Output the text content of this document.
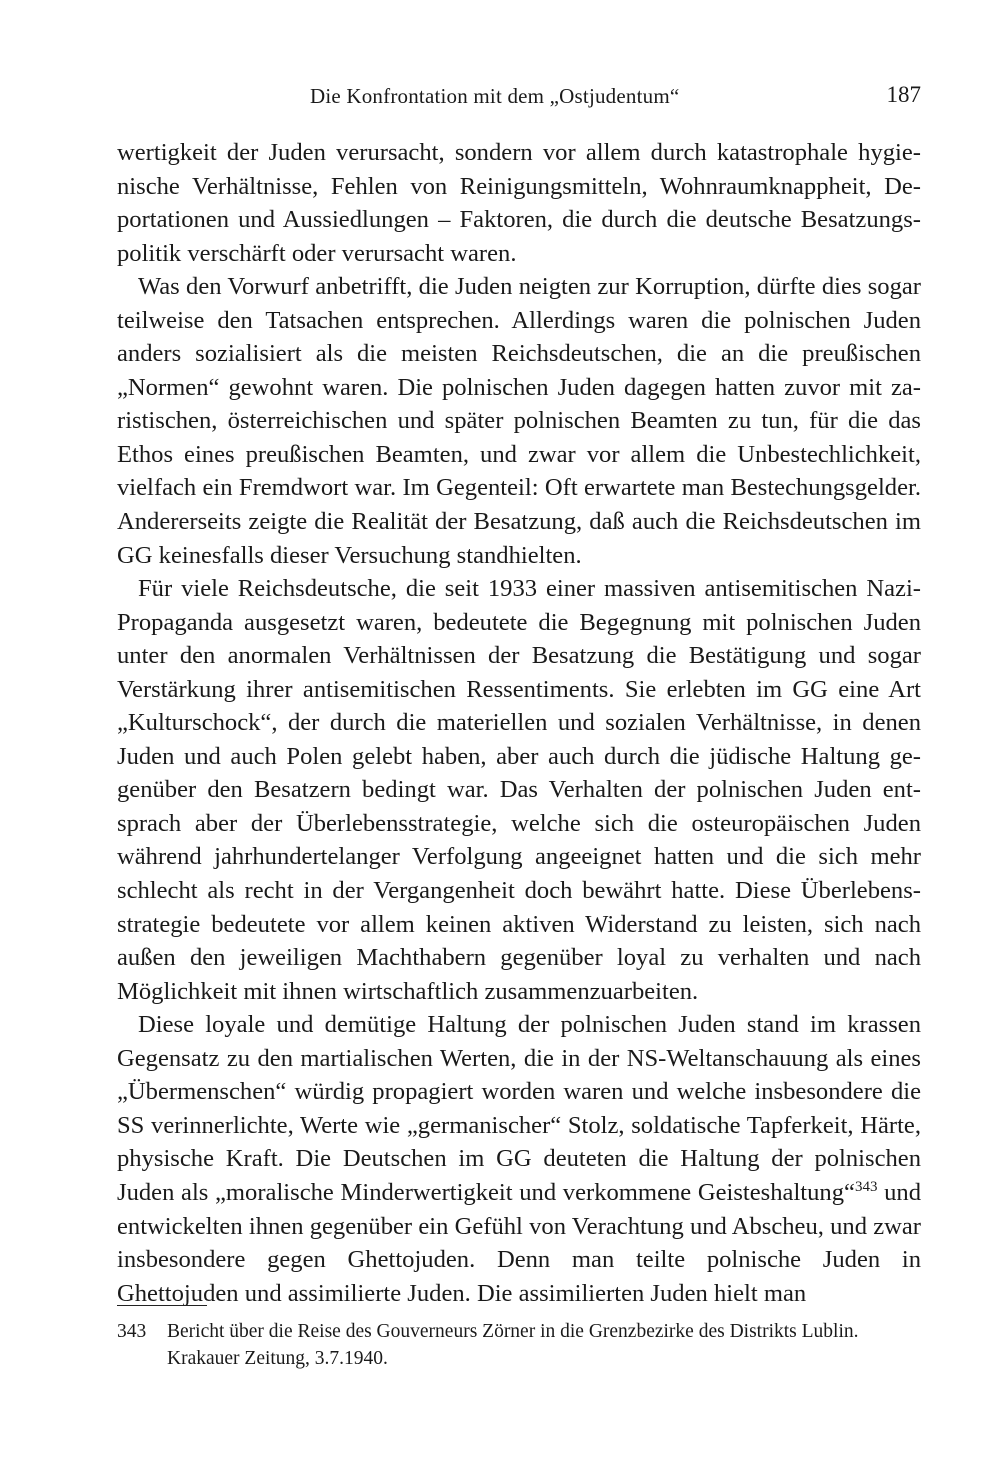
Die Konfrontation mit dem „Ostjudentum“	187

wertigkeit der Juden verursacht, sondern vor allem durch katastrophale hygienische Verhältnisse, Fehlen von Reinigungsmitteln, Wohnraumknappheit, Deportationen und Aussiedlungen – Faktoren, die durch die deutsche Besatzungspolitik verschärft oder verursacht waren.

Was den Vorwurf anbetrifft, die Juden neigten zur Korruption, dürfte dies sogar teilweise den Tatsachen entsprechen. Allerdings waren die polnischen Juden anders sozialisiert als die meisten Reichsdeutschen, die an die preußischen „Normen“ gewohnt waren. Die polnischen Juden dagegen hatten zuvor mit zaristischen, österreichischen und später polnischen Beamten zu tun, für die das Ethos eines preußischen Beamten, und zwar vor allem die Unbestechlichkeit, vielfach ein Fremdwort war. Im Gegenteil: Oft erwartete man Bestechungsgelder. Andererseits zeigte die Realität der Besatzung, daß auch die Reichsdeutschen im GG keinesfalls dieser Versuchung standhielten.

Für viele Reichsdeutsche, die seit 1933 einer massiven antisemitischen Nazi-Propaganda ausgesetzt waren, bedeutete die Begegnung mit polnischen Juden unter den anormalen Verhältnissen der Besatzung die Bestätigung und sogar Verstärkung ihrer antisemitischen Ressentiments. Sie erlebten im GG eine Art „Kulturschock“, der durch die materiellen und sozialen Verhältnisse, in denen Juden und auch Polen gelebt haben, aber auch durch die jüdische Haltung gegenüber den Besatzern bedingt war. Das Verhalten der polnischen Juden entsprach aber der Überlebensstrategie, welche sich die osteuropäischen Juden während jahrhundertelanger Verfolgung angeeignet hatten und die sich mehr schlecht als recht in der Vergangenheit doch bewährt hatte. Diese Überlebensstrategie bedeutete vor allem keinen aktiven Widerstand zu leisten, sich nach außen den jeweiligen Machthabern gegenüber loyal zu verhalten und nach Möglichkeit mit ihnen wirtschaftlich zusammenzuarbeiten.

Diese loyale und demütige Haltung der polnischen Juden stand im krassen Gegensatz zu den martialischen Werten, die in der NS-Weltanschauung als eines „Übermenschen“ würdig propagiert worden waren und welche insbesondere die SS verinnerlichte, Werte wie „germanischer“ Stolz, soldatische Tapferkeit, Härte, physische Kraft. Die Deutschen im GG deuteten die Haltung der polnischen Juden als „moralische Minderwertigkeit und verkommene Geisteshaltung“$^{343}$ und entwickelten ihnen gegenüber ein Gefühl von Verachtung und Abscheu, und zwar insbesondere gegen Ghettojuden. Denn man teilte polnische Juden in Ghettojuden und assimilierte Juden. Die assimilierten Juden hielt man

343 Bericht über die Reise des Gouverneurs Zörner in die Grenzbezirke des Distrikts Lublin.
Krakauer Zeitung, 3.7.1940.
